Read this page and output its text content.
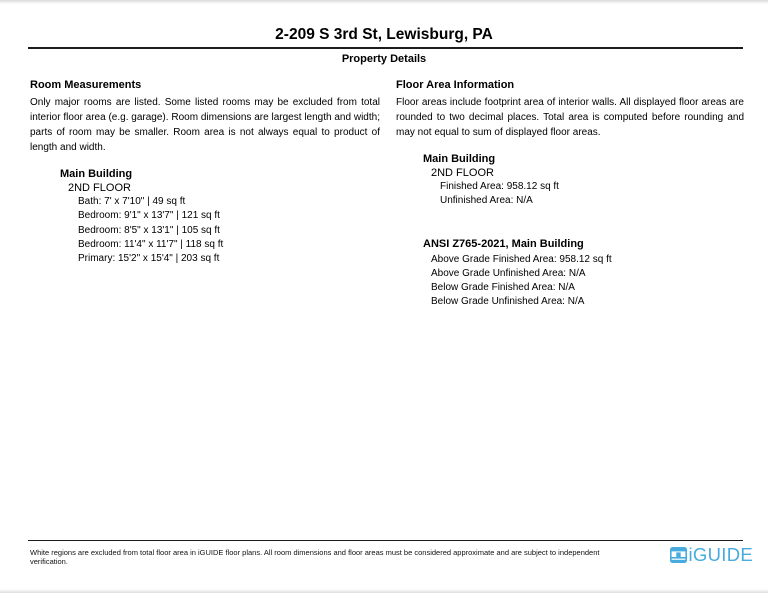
2-209 S 3rd St, Lewisburg, PA
Property Details
Room Measurements
Only major rooms are listed. Some listed rooms may be excluded from total interior floor area (e.g. garage). Room dimensions are largest length and width; parts of room may be smaller. Room area is not always equal to product of length and width.
Main Building
2ND FLOOR
Bath: 7' x 7'10" | 49 sq ft
Bedroom: 9'1" x 13'7" | 121 sq ft
Bedroom: 8'5" x 13'1" | 105 sq ft
Bedroom: 11'4" x 11'7" | 118 sq ft
Primary: 15'2" x 15'4" | 203 sq ft
Floor Area Information
Floor areas include footprint area of interior walls. All displayed floor areas are rounded to two decimal places. Total area is computed before rounding and may not equal to sum of displayed floor areas.
Main Building
2ND FLOOR
Finished Area: 958.12 sq ft
Unfinished Area: N/A
ANSI Z765-2021, Main Building
Above Grade Finished Area: 958.12 sq ft
Above Grade Unfinished Area: N/A
Below Grade Finished Area: N/A
Below Grade Unfinished Area: N/A
White regions are excluded from total floor area in iGUIDE floor plans. All room dimensions and floor areas must be considered approximate and are subject to independent verification.	iGUIDE
